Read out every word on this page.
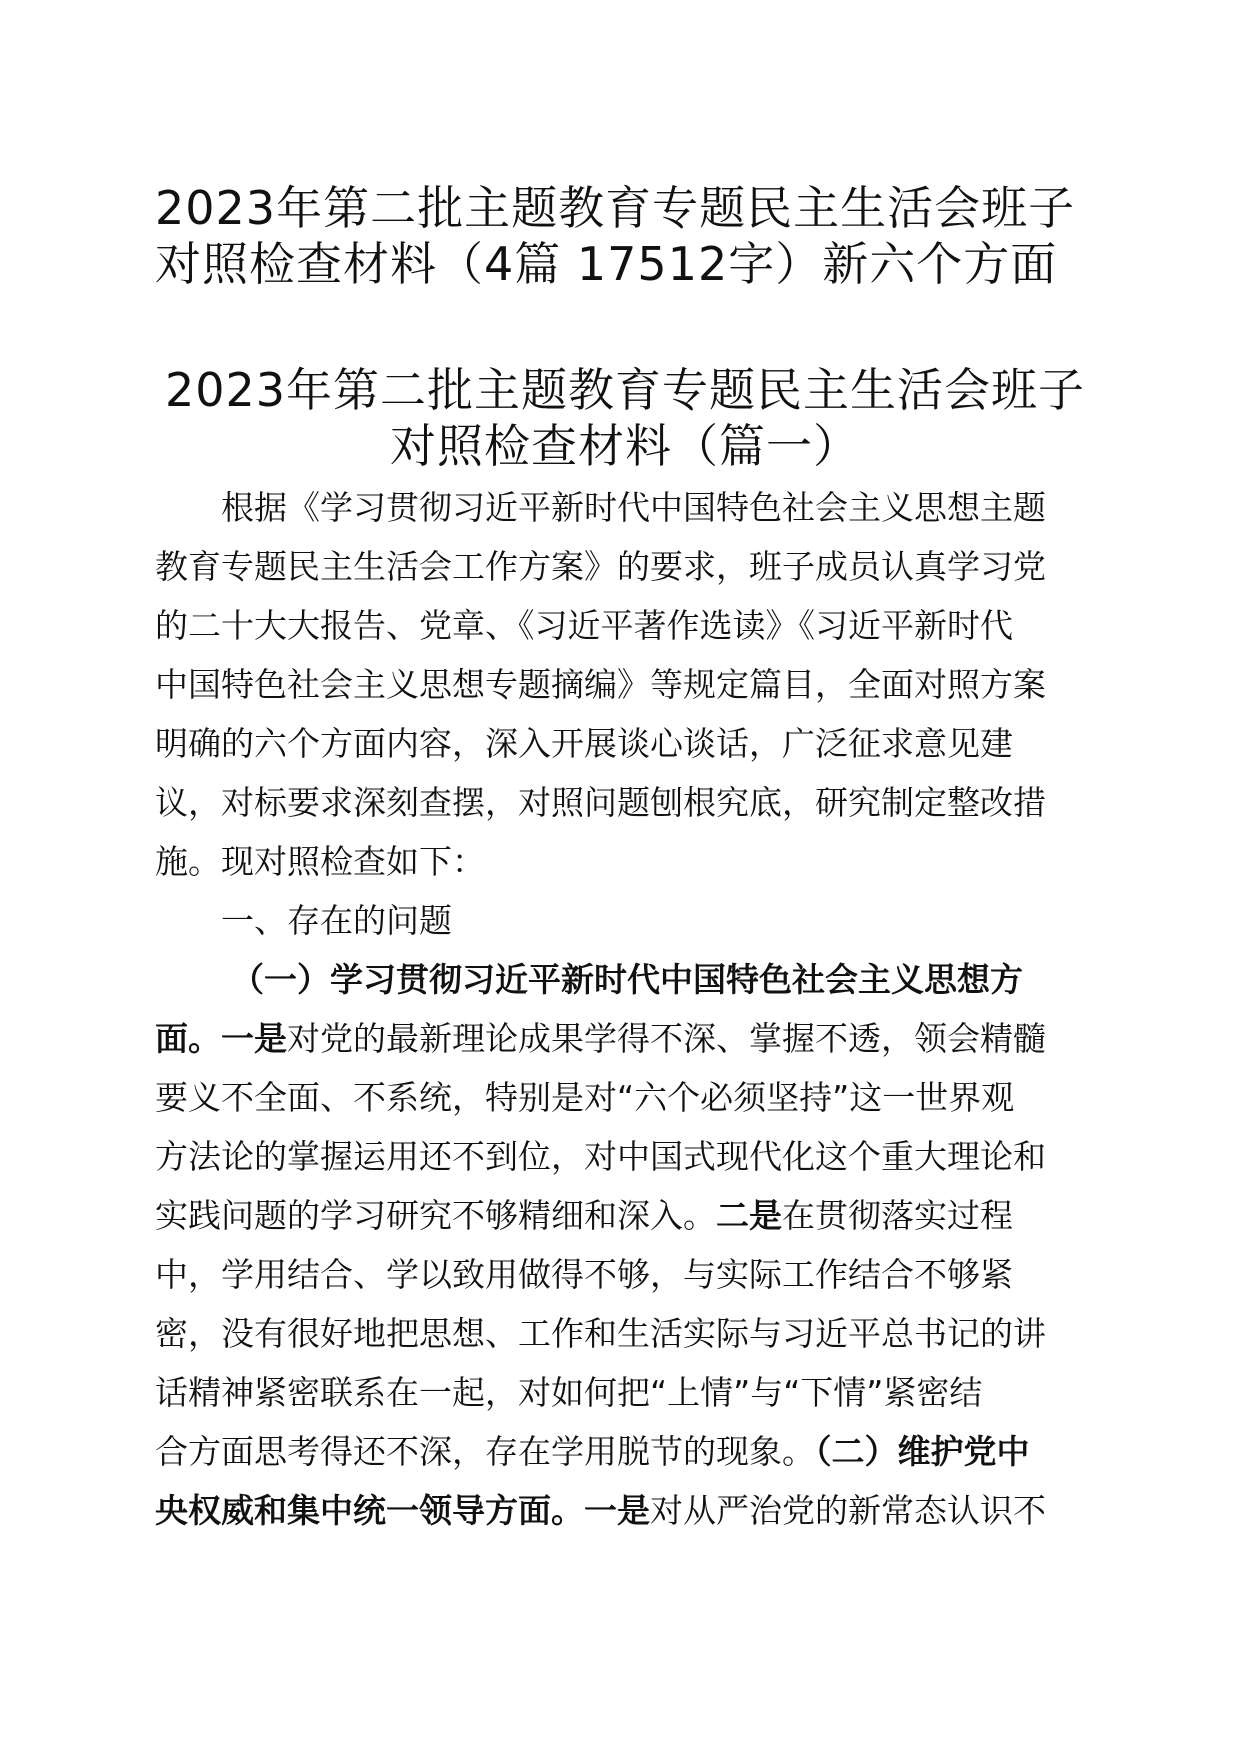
2023年第二批主题教育专题民主生活会班子
对照检查材料（4篇 17512字）新六个方面
2023年第二批主题教育专题民主生活会班子
对照检查材料（篇一）
根据《学习贯彻习近平新时代中国特色社会主义思想主题
教育专题民主生活会工作方案》的要求，班子成员认真学习党
的二十大大报告、党章、《习近平著作选读》《习近平新时代
中国特色社会主义思想专题摘编》等规定篇目，全面对照方案
明确的六个方面内容，深入开展谈心谈话，广泛征求意见建
议，对标要求深刻查摆，对照问题刨根究底，研究制定整改措
施。现对照检查如下：
一、存在的问题
（一）学习贯彻习近平新时代中国特色社会主义思想方
面。一是对党的最新理论成果学得不深、掌握不透，领会精髓
要义不全面、不系统，特别是对“六个必须坚持”这一世界观
方法论的掌握运用还不到位，对中国式现代化这个重大理论和
实践问题的学习研究不够精细和深入。二是在贯彻落实过程
中，学用结合、学以致用做得不够，与实际工作结合不够紧
密，没有很好地把思想、工作和生活实际与习近平总书记的讲
话精神紧密联系在一起，对如何把“上情”与“下情”紧密结
合方面思考得还不深，存在学用脱节的现象。（二）维护党中
央权威和集中统一领导方面。一是对从严治党的新常态认识不
